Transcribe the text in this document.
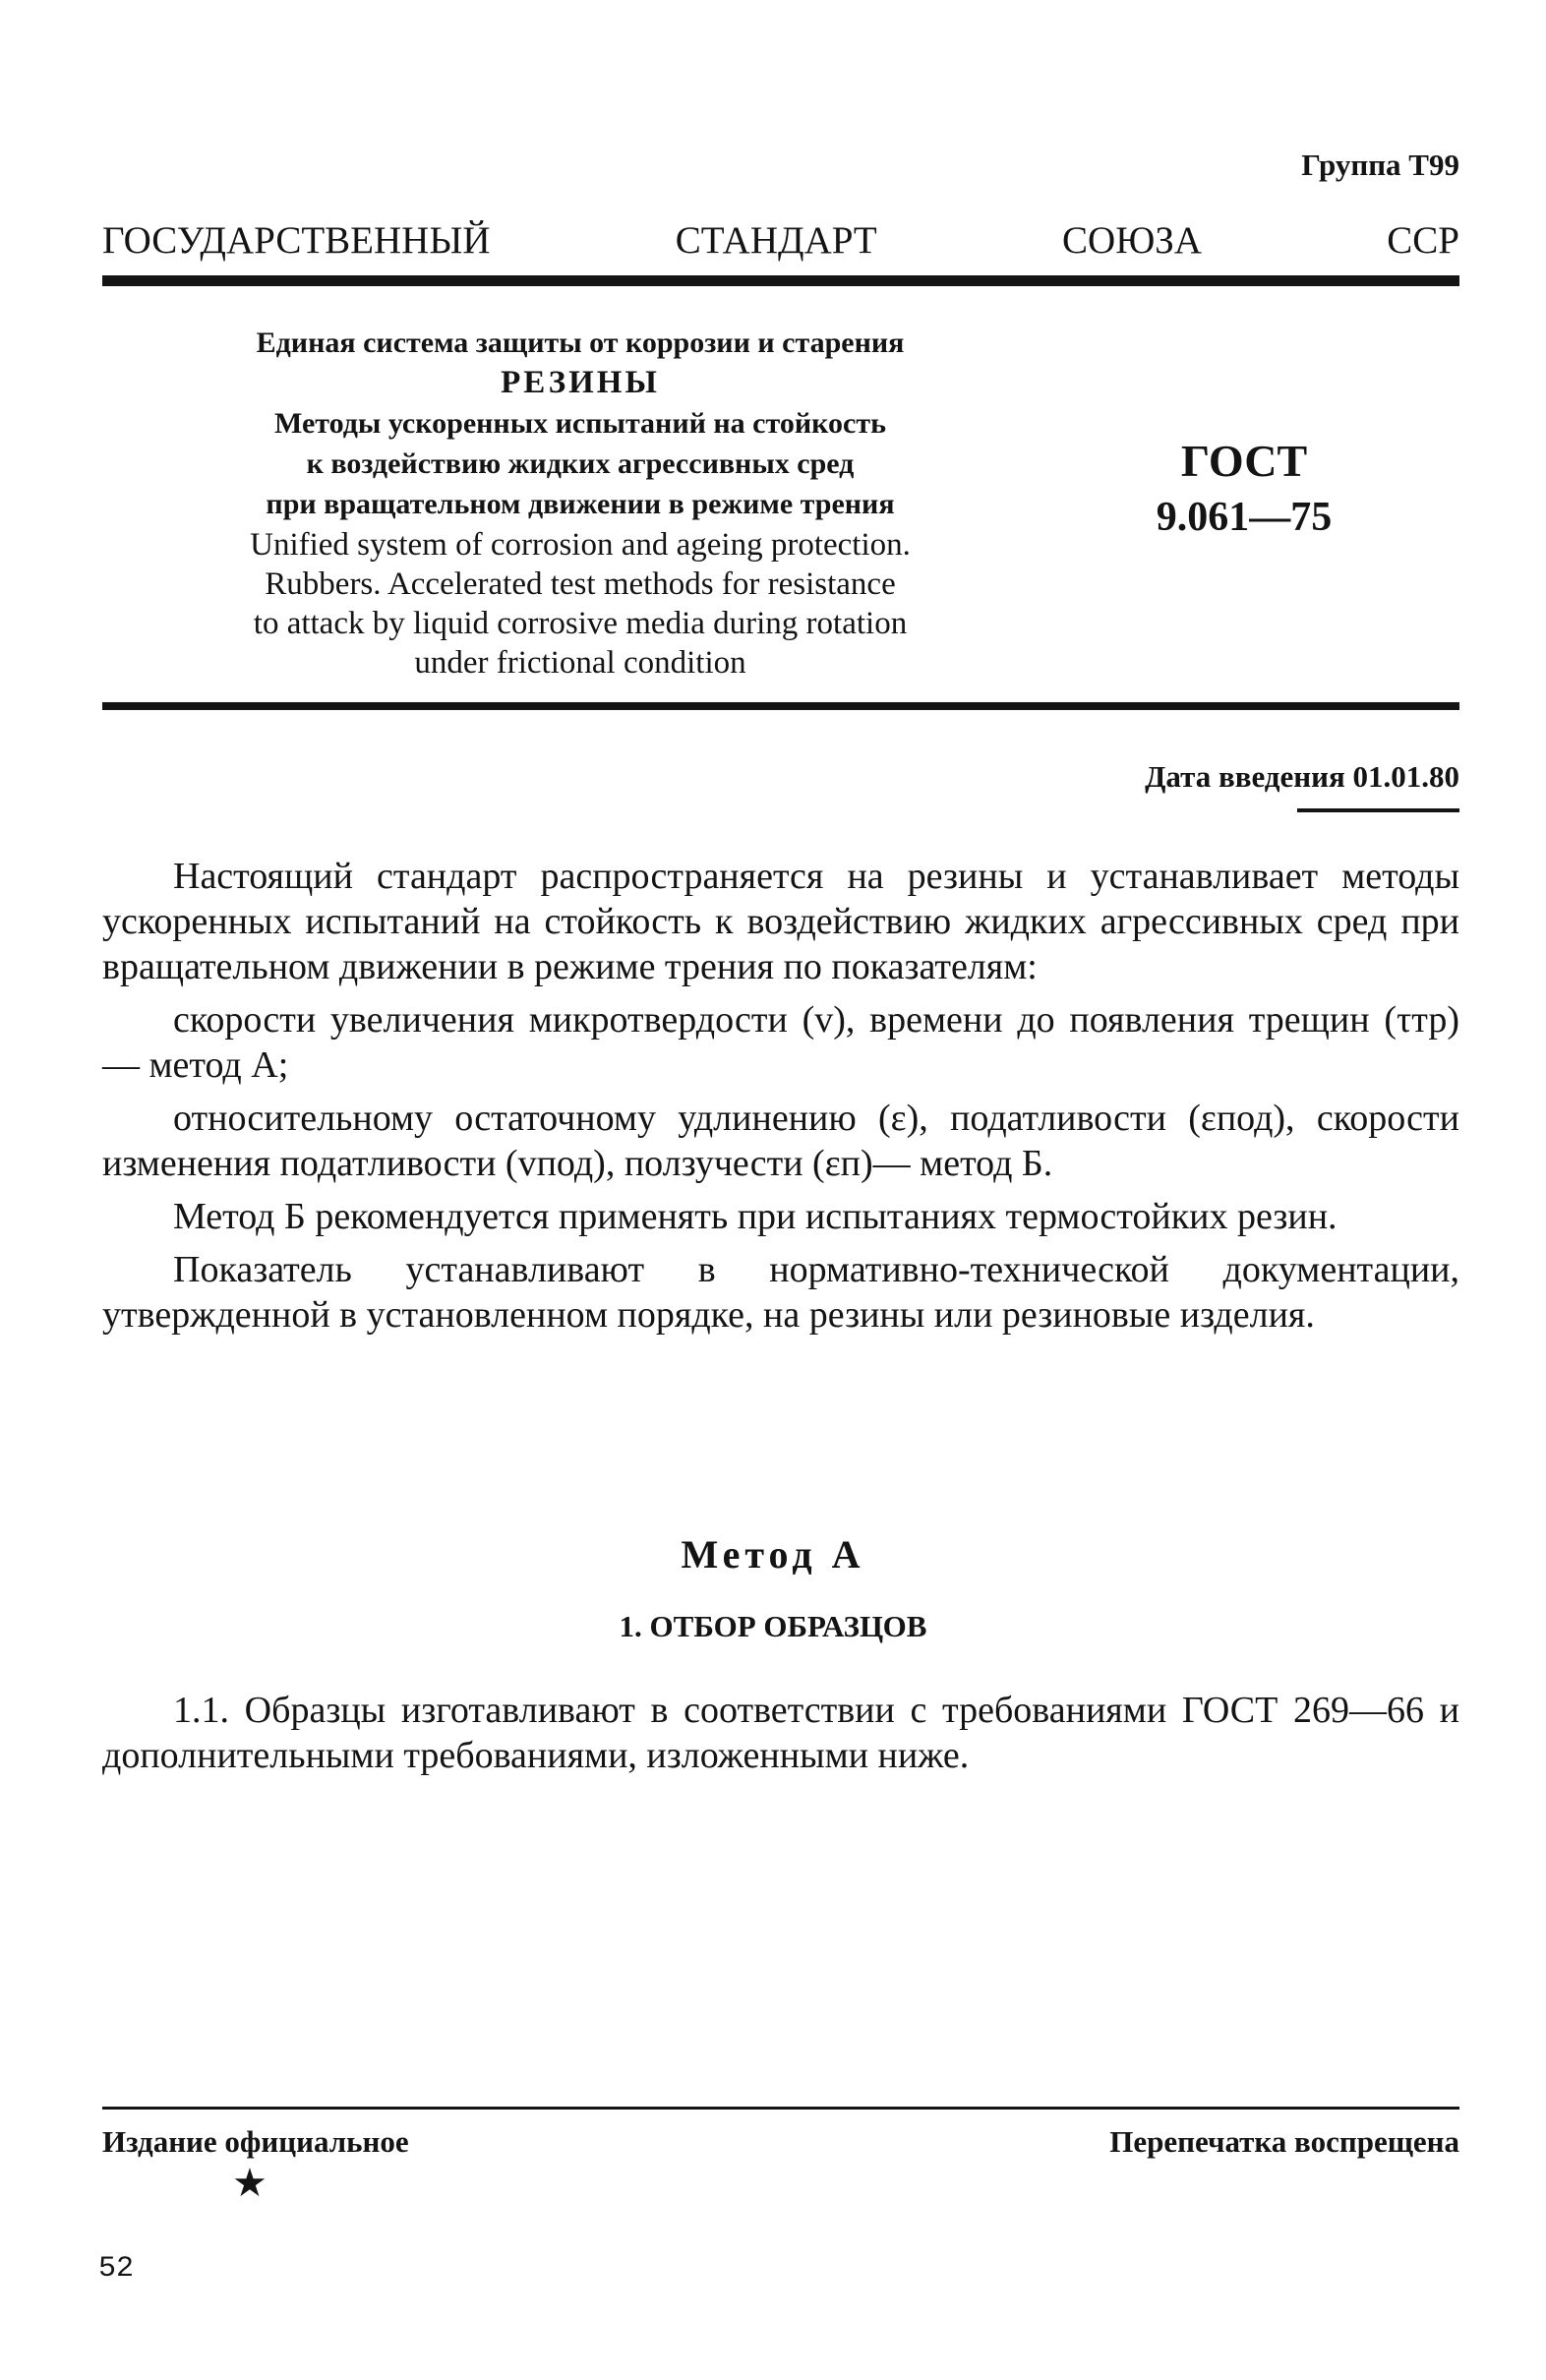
Группа Т99
ГОСУДАРСТВЕННЫЙ	СТАНДАРТ	СОЮЗА	ССР
Единая система защиты от коррозии и старения
РЕЗИНЫ
Методы ускоренных испытаний на стойкость
к воздействию жидких агрессивных сред
при вращательном движении в режиме трения
Unified system of corrosion and ageing protection.
Rubbers. Accelerated test methods for resistance
to attack by liquid corrosive media during rotation
under frictional condition
ГОСТ
9.061—75
Дата введения 01.01.80

Настоящий стандарт распространяется на резины и устанавливает методы ускоренных испытаний на стойкость к воздействию жидких агрессивных сред при вращательном движении в режиме трения по показателям:

скорости увеличения микротвердости (v), времени до появления трещин (τтр) — метод А;

относительному остаточному удлинению (ε), податливости (εпод), скорости изменения податливости (vпод), ползучести (εп)— метод Б.

Метод Б рекомендуется применять при испытаниях термостойких резин.

Показатель устанавливают в нормативно-технической документации, утвержденной в установленном порядке, на резины или резиновые изделия.

Метод А
1. ОТБОР ОБРАЗЦОВ
1.1. Образцы изготавливают в соответствии с требованиями ГОСТ 269—66 и дополнительными требованиями, изложенными ниже.
Издание официальное	Перепечатка воспрещена
★
52
